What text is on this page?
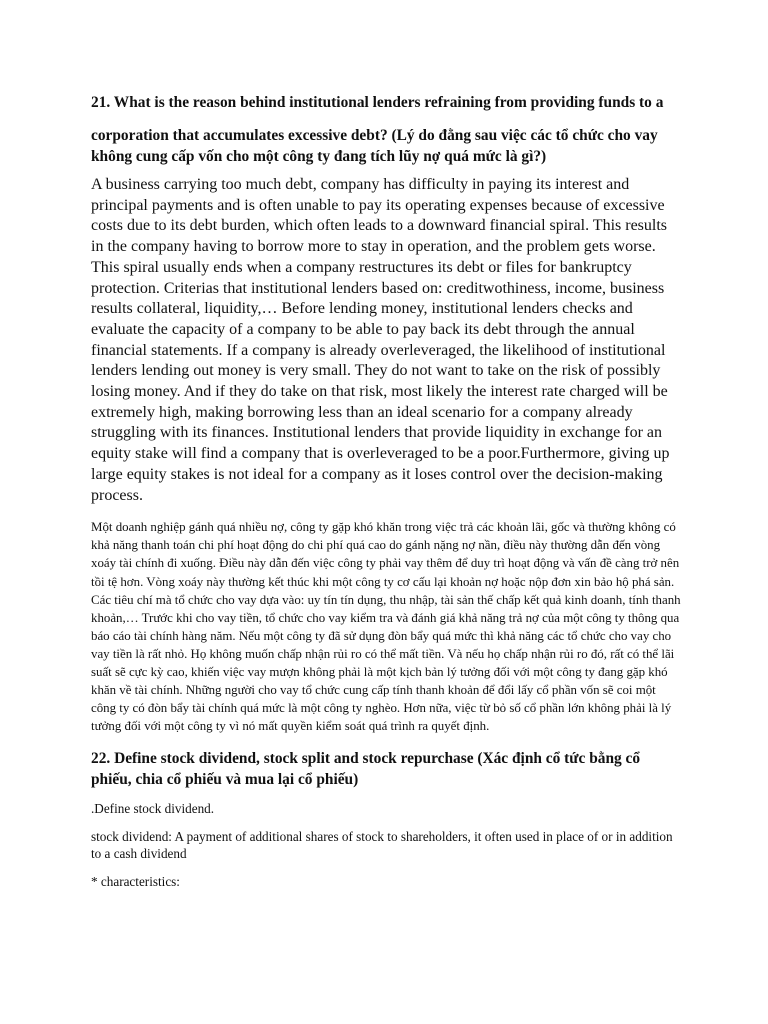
21. What is the reason behind institutional lenders refraining from providing funds to a

corporation that accumulates excessive debt? (Lý do đằng sau việc các tổ chức cho vay không cung cấp vốn cho một công ty đang tích lũy nợ quá mức là gì?)

A business carrying too much debt, company has difficulty in paying its interest and principal payments and is often unable to pay its operating expenses because of excessive costs due to its debt burden, which often leads to a downward financial spiral. This results in the company having to borrow more to stay in operation, and the problem gets worse. This spiral usually ends when a company restructures its debt or files for bankruptcy protection. Criterias that institutional lenders based on: creditwothiness, income, business results collateral, liquidity,… Before lending money, institutional lenders checks and evaluate the capacity of a company to be able to pay back its debt through the annual financial statements. If a company is already overleveraged, the likelihood of institutional lenders lending out money is very small. They do not want to take on the risk of possibly losing money. And if they do take on that risk, most likely the interest rate charged will be extremely high, making borrowing less than an ideal scenario for a company already struggling with its finances. Institutional lenders that provide liquidity in exchange for an equity stake will find a company that is overleveraged to be a poor.Furthermore, giving up large equity stakes is not ideal for a company as it loses control over the decision-making process.

Một doanh nghiệp gánh quá nhiều nợ, công ty gặp khó khăn trong việc trả các khoản lãi, gốc và thường không có khả năng thanh toán chi phí hoạt động do chi phí quá cao do gánh nặng nợ nần, điều này thường dẫn đến vòng xoáy tài chính đi xuống. Điều này dẫn đến việc công ty phải vay thêm để duy trì hoạt động và vấn đề càng trở nên tồi tệ hơn. Vòng xoáy này thường kết thúc khi một công ty cơ cấu lại khoản nợ hoặc nộp đơn xin bảo hộ phá sản. Các tiêu chí mà tổ chức cho vay dựa vào: uy tín tín dụng, thu nhập, tài sản thế chấp kết quả kinh doanh, tính thanh khoản,… Trước khi cho vay tiền, tổ chức cho vay kiểm tra và đánh giá khả năng trả nợ của một công ty thông qua báo cáo tài chính hàng năm. Nếu một công ty đã sử dụng đòn bẩy quá mức thì khả năng các tổ chức cho vay cho vay tiền là rất nhỏ. Họ không muốn chấp nhận rủi ro có thể mất tiền. Và nếu họ chấp nhận rủi ro đó, rất có thể lãi suất sẽ cực kỳ cao, khiến việc vay mượn không phải là một kịch bản lý tưởng đối với một công ty đang gặp khó khăn về tài chính. Những người cho vay tổ chức cung cấp tính thanh khoản để đổi lấy cổ phần vốn sẽ coi một công ty có đòn bẩy tài chính quá mức là một công ty nghèo. Hơn nữa, việc từ bỏ số cổ phần lớn không phải là lý tưởng đối với một công ty vì nó mất quyền kiểm soát quá trình ra quyết định.

22. Define stock dividend, stock split and stock repurchase (Xác định cổ tức bằng cổ phiếu, chia cổ phiếu và mua lại cổ phiếu)

.Define stock dividend.

stock dividend: A payment of additional shares of stock to shareholders, it often used in place of or in addition to a cash dividend

* characteristics:
